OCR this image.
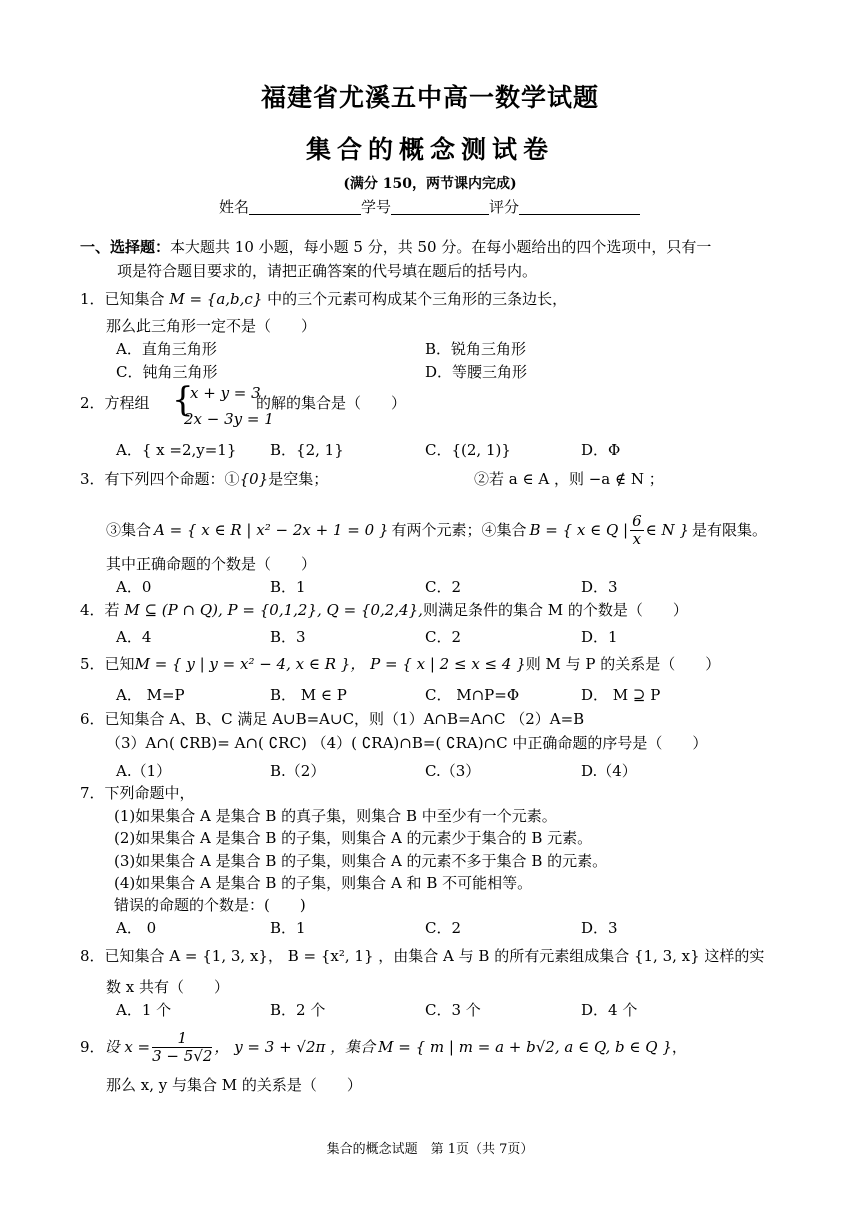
福建省尤溪五中高一数学试题
集合的概念测试卷
(满分 150，两节课内完成)
姓名	学号	评分
一、选择题：本大题共 10 小题，每小题 5 分，共 50 分。在每小题给出的四个选项中，只有一
项是符合题目要求的，请把正确答案的代号填在题后的括号内。
1．已知集合 M = {a,b,c} 中的三个元素可构成某个三角形的三条边长，
那么此三角形一定不是（　　）
A．直角三角形	B．锐角三角形
C．钝角三角形	D．等腰三角形
2．方程组 {
x + y = 3
2x − 3y = 1
的解的集合是（　　）
A．{ x =2,y=1} B．{2, 1}	C．{(2, 1)}	D．Φ
3．有下列四个命题：①{0}是空集；	②若 a ∈ A ，则 −a ∉ N ；
③集合 A = { x ∈ R | x² − 2x + 1 = 0 } 有两个元素；④集合 B = { x ∈ Q | $\frac{6}{x}$ ∈ N } 是有限集。
其中正确命题的个数是（　　）
A．0	B．1	C．2	D．3
4．若 M ⊆ (P ∩ Q), P = {0,1,2}, Q = {0,2,4},则满足条件的集合 M 的个数是（　　）
A．4	B．3	C．2	D．1
5．已知M = { y | y = x² − 4, x ∈ R }， P = { x | 2 ≤ x ≤ 4 }则 M 与 P 的关系是（　　）
A． M=P	B． M ∈ P	C． M∩P=Φ	D． M ⊇ P
6．已知集合 A、B、C 满足 A∪B=A∪C，则（1）A∩B=A∩C （2）A=B
（3）A∩( ∁RB)= A∩( ∁RC) （4）( ∁RA)∩B=( ∁RA)∩C 中正确命题的序号是（　　）
A.（1）	B.（2）	C.（3）	D.（4）
7．下列命题中，
(1)如果集合 A 是集合 B 的真子集，则集合 B 中至少有一个元素。
(2)如果集合 A 是集合 B 的子集，则集合 A 的元素少于集合的 B 元素。
(3)如果集合 A 是集合 B 的子集，则集合 A 的元素不多于集合 B 的元素。
(4)如果集合 A 是集合 B 的子集，则集合 A 和 B 不可能相等。
错误的命题的个数是：(　　)
A． 0	B．1	C．2	D．3
8．已知集合 A = {1, 3, x}， B = {x², 1} ，由集合 A 与 B 的所有元素组成集合 {1, 3, x} 这样的实
数 x 共有（　　）
A．1 个	B．2 个	C．3 个	D．4 个
9． 设 $x = \frac{1}{3 - 5√2}$ ， y = 3 + √2π ，集合 M = { m | m = a + b√2, a ∈ Q, b ∈ Q } ，
那么 x, y 与集合 M 的关系是（　　）
集合的概念试题　第 1页（共 7页）
